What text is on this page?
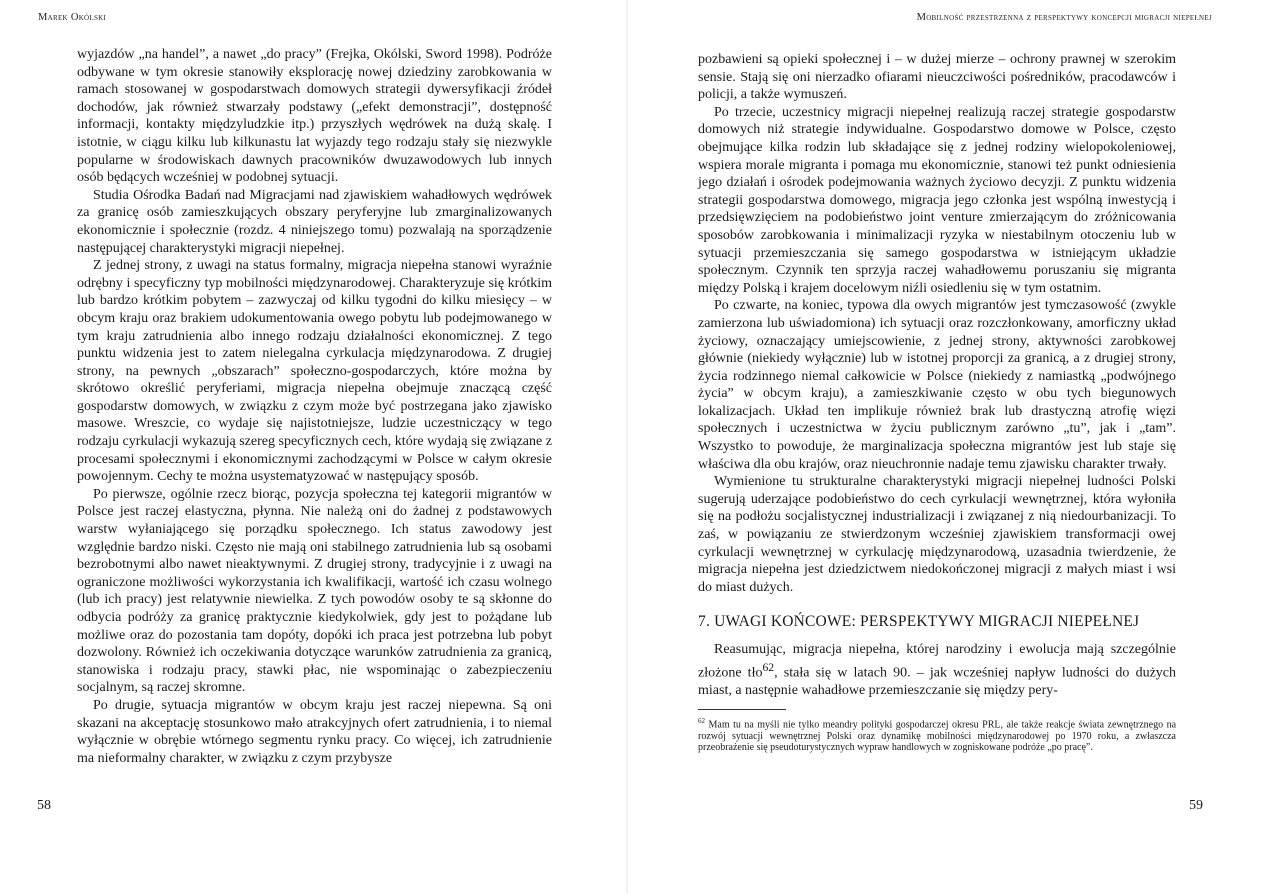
Marek Okólski

wyjazdów „na handel”, a nawet „do pracy” (Frejka, Okólski, Sword 1998). Podróże odbywane w tym okresie stanowiły eksplorację nowej dziedziny zarobkowania w ramach stosowanej w gospodarstwach domowych strategii dywersyfikacji źródeł dochodów, jak również stwarzały podstawy („efekt demonstracji”, dostępność informacji, kontakty międzyludzkie itp.) przyszłych wędrówek na dużą skalę. I istotnie, w ciągu kilku lub kilkunastu lat wyjazdy tego rodzaju stały się niezwykle popularne w środowiskach dawnych pracowników dwuzawodowych lub innych osób będących wcześniej w podobnej sytuacji.

Studia Ośrodka Badań nad Migracjami nad zjawiskiem wahadłowych wędrówek za granicę osób zamieszkujących obszary peryferyjne lub zmarginalizowanych ekonomicznie i społecznie (rozdz. 4 niniejszego tomu) pozwalają na sporządzenie następującej charakterystyki migracji niepełnej.

Z jednej strony, z uwagi na status formalny, migracja niepełna stanowi wyraźnie odrębny i specyficzny typ mobilności międzynarodowej. Charakteryzuje się krótkim lub bardzo krótkim pobytem – zazwyczaj od kilku tygodni do kilku miesięcy – w obcym kraju oraz brakiem udokumentowania owego pobytu lub podejmowanego w tym kraju zatrudnienia albo innego rodzaju działalności ekonomicznej. Z tego punktu widzenia jest to zatem nielegalna cyrkulacja międzynarodowa. Z drugiej strony, na pewnych „obszarach” społeczno-gospodarczych, które można by skrótowo określić peryferiami, migracja niepełna obejmuje znaczącą część gospodarstw domowych, w związku z czym może być postrzegana jako zjawisko masowe. Wreszcie, co wydaje się najistotniejsze, ludzie uczestniczący w tego rodzaju cyrkulacji wykazują szereg specyficznych cech, które wydają się związane z procesami społecznymi i ekonomicznymi zachodzącymi w Polsce w całym okresie powojennym. Cechy te można usystematyzować w następujący sposób.

Po pierwsze, ogólnie rzecz biorąc, pozycja społeczna tej kategorii migrantów w Polsce jest raczej elastyczna, płynna. Nie należą oni do żadnej z podstawowych warstw wyłaniającego się porządku społecznego. Ich status zawodowy jest względnie bardzo niski. Często nie mają oni stabilnego zatrudnienia lub są osobami bezrobotnymi albo nawet nieaktywnymi. Z drugiej strony, tradycyjnie i z uwagi na ograniczone możliwości wykorzystania ich kwalifikacji, wartość ich czasu wolnego (lub ich pracy) jest relatywnie niewielka. Z tych powodów osoby te są skłonne do odbycia podróży za granicę praktycznie kiedykolwiek, gdy jest to pożądane lub możliwe oraz do pozostania tam dopóty, dopóki ich praca jest potrzebna lub pobyt dozwolony. Również ich oczekiwania dotyczące warunków zatrudnienia za granicą, stanowiska i rodzaju pracy, stawki płac, nie wspominając o zabezpieczeniu socjalnym, są raczej skromne.

Po drugie, sytuacja migrantów w obcym kraju jest raczej niepewna. Są oni skazani na akceptację stosunkowo mało atrakcyjnych ofert zatrudnienia, i to niemal wyłącznie w obrębie wtórnego segmentu rynku pracy. Co więcej, ich zatrudnienie ma nieformalny charakter, w związku z czym przybysze

58
Mobilność przestrzenna z perspektywy koncepcji migracji niepełnej

pozbawieni są opieki społecznej i – w dużej mierze – ochrony prawnej w szerokim sensie. Stają się oni nierzadko ofiarami nieuczciwości pośredników, pracodawców i policji, a także wymuszeń.

Po trzecie, uczestnicy migracji niepełnej realizują raczej strategie gospodarstw domowych niż strategie indywidualne. Gospodarstwo domowe w Polsce, często obejmujące kilka rodzin lub składające się z jednej rodziny wielopokoleniowej, wspiera morale migranta i pomaga mu ekonomicznie, stanowi też punkt odniesienia jego działań i ośrodek podejmowania ważnych życiowo decyzji. Z punktu widzenia strategii gospodarstwa domowego, migracja jego członka jest wspólną inwestycją i przedsięwzięciem na podobieństwo joint venture zmierzającym do zróżnicowania sposobów zarobkowania i minimalizacji ryzyka w niestabilnym otoczeniu lub w sytuacji przemieszczania się samego gospodarstwa w istniejącym układzie społecznym. Czynnik ten sprzyja raczej wahadłowemu poruszaniu się migranta między Polską i krajem docelowym niźli osiedleniu się w tym ostatnim.

Po czwarte, na koniec, typowa dla owych migrantów jest tymczasowość (zwykle zamierzona lub uświadomiona) ich sytuacji oraz rozczłonkowany, amorficzny układ życiowy, oznaczający umiejscowienie, z jednej strony, aktywności zarobkowej głównie (niekiedy wyłącznie) lub w istotnej proporcji za granicą, a z drugiej strony, życia rodzinnego niemal całkowicie w Polsce (niekiedy z namiastką „podwójnego życia” w obcym kraju), a zamieszkiwanie często w obu tych biegunowych lokalizacjach. Układ ten implikuje również brak lub drastyczną atrofię więzi społecznych i uczestnictwa w życiu publicznym zarówno „tu”, jak i „tam”. Wszystko to powoduje, że marginalizacja społeczna migrantów jest lub staje się właściwa dla obu krajów, oraz nieuchronnie nadaje temu zjawisku charakter trwały.

Wymienione tu strukturalne charakterystyki migracji niepełnej ludności Polski sugerują uderzające podobieństwo do cech cyrkulacji wewnętrznej, która wyłoniła się na podłożu socjalistycznej industrializacji i związanej z nią niedourbanizacji. To zaś, w powiązaniu ze stwierdzonym wcześniej zjawiskiem transformacji owej cyrkulacji wewnętrznej w cyrkulację międzynarodową, uzasadnia twierdzenie, że migracja niepełna jest dziedzictwem niedokończonej migracji z małych miast i wsi do miast dużych.

7. UWAGI KOŃCOWE: PERSPEKTYWY MIGRACJI NIEPEŁNEJ

Reasumując, migracja niepełna, której narodziny i ewolucja mają szczególnie złożone tło$^{62}$, stała się w latach 90. – jak wcześniej napływ ludności do dużych miast, a następnie wahadłowe przemieszczanie się między pery-

$^{62}$ Mam tu na myśli nie tylko meandry polityki gospodarczej okresu PRL, ale także reakcje świata zewnętrznego na rozwój sytuacji wewnętrznej Polski oraz dynamikę mobilności międzynarodowej po 1970 roku, a zwłaszcza przeobrażenie się pseudoturystycznych wypraw handlowych w zogniskowane podróże „po pracę”.

59
